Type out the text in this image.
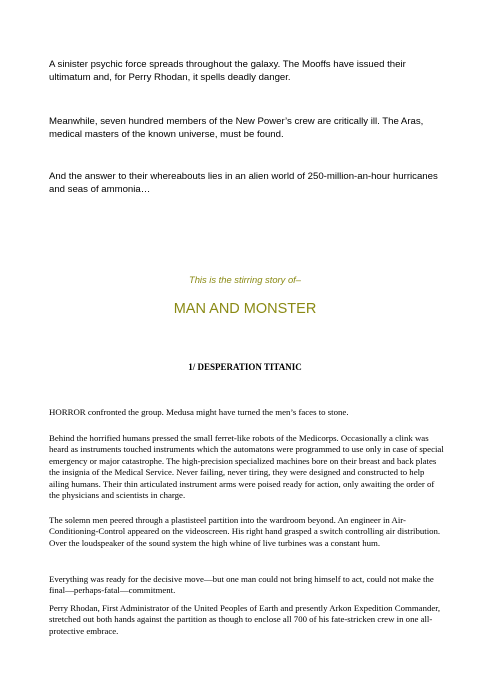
A sinister psychic force spreads throughout the galaxy. The Mooffs have issued their ultimatum and, for Perry Rhodan, it spells deadly danger.

Meanwhile, seven hundred members of the New Power’s crew are critically ill. The Aras, medical masters of the known universe, must be found.

And the answer to their whereabouts lies in an alien world of 250-million-an-hour hurricanes and seas of ammonia…

This is the stirring story of–

MAN AND MONSTER
1/ DESPERATION TITANIC

HORROR confronted the group. Medusa might have turned the men’s faces to stone.

Behind the horrified humans pressed the small ferret-like robots of the Medicorps. Occasionally a clink was heard as instruments touched instruments which the automatons were programmed to use only in case of special emergency or major catastrophe. The high-precision specialized machines bore on their breast and back plates the insignia of the Medical Service. Never failing, never tiring, they were designed and constructed to help ailing humans. Their thin articulated instrument arms were poised ready for action, only awaiting the order of the physicians and scientists in charge.

The solemn men peered through a plastisteel partition into the wardroom beyond. An engineer in Air-Conditioning-Control appeared on the videoscreen. His right hand grasped a switch controlling air distribution. Over the loudspeaker of the sound system the high whine of live turbines was a constant hum.

Everything was ready for the decisive move—but one man could not bring himself to act, could not make the final—perhaps-fatal—commitment.

Perry Rhodan, First Administrator of the United Peoples of Earth and presently Arkon Expedition Commander, stretched out both hands against the partition as though to enclose all 700 of his fate-stricken crew in one all-protective embrace.
